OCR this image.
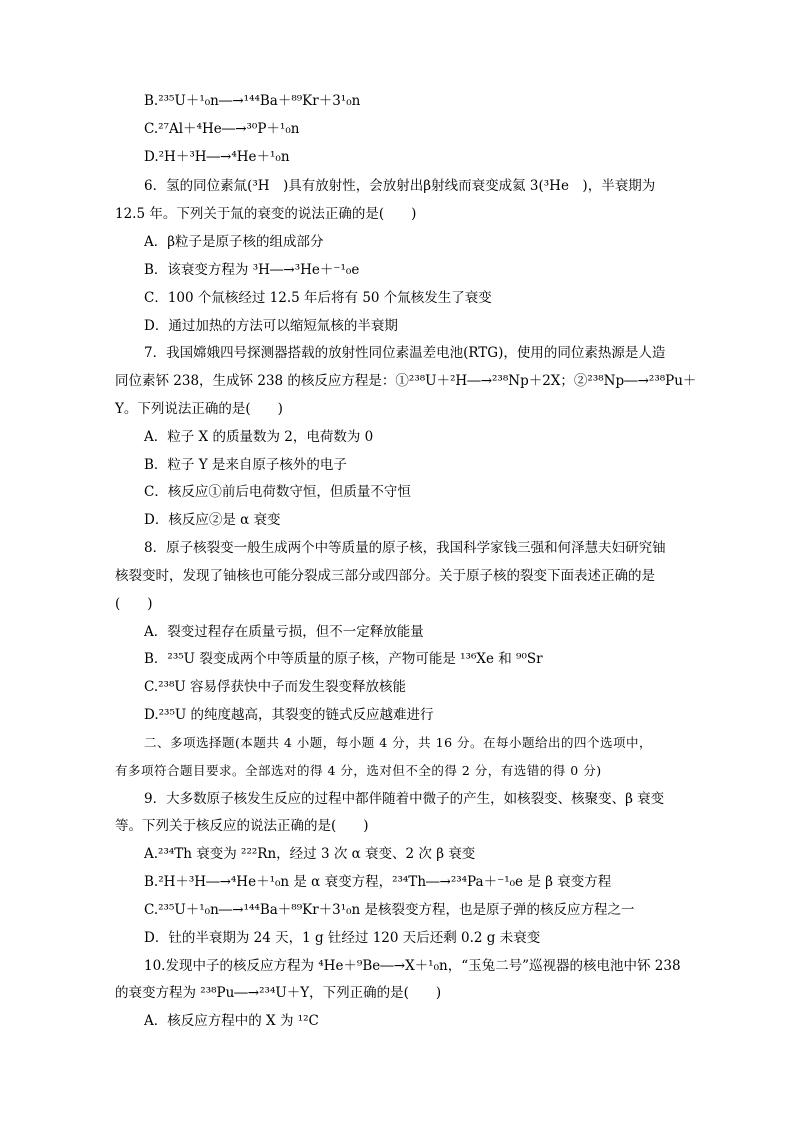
B.²³⁵U＋¹₀n―→¹⁴⁴Ba＋⁸⁹Kr＋3¹₀n
C.²⁷Al＋⁴He―→³⁰P＋¹₀n
D.²H＋³H―→⁴He＋¹₀n
6．氢的同位素氚(³H　)具有放射性，会放射出β射线而衰变成氦 3(³He　)，半衰期为
12.5 年。下列关于氚的衰变的说法正确的是(　　)
A．β粒子是原子核的组成部分
B．该衰变方程为 ³H―→³He＋⁻¹₀e
C．100 个氚核经过 12.5 年后将有 50 个氚核发生了衰变
D．通过加热的方法可以缩短氚核的半衰期
7．我国嫦娥四号探测器搭载的放射性同位素温差电池(RTG)，使用的同位素热源是人造
同位素钚 238，生成钚 238 的核反应方程是：①²³⁸U＋²H―→²³⁸Np＋2X；②²³⁸Np―→²³⁸Pu＋
Y。下列说法正确的是(　　)
A．粒子 X 的质量数为 2，电荷数为 0
B．粒子 Y 是来自原子核外的电子
C．核反应①前后电荷数守恒，但质量不守恒
D．核反应②是 α 衰变
8．原子核裂变一般生成两个中等质量的原子核，我国科学家钱三强和何泽慧夫妇研究铀
核裂变时，发现了铀核也可能分裂成三部分或四部分。关于原子核的裂变下面表述正确的是
(　　)
A．裂变过程存在质量亏损，但不一定释放能量
B．²³⁵U 裂变成两个中等质量的原子核，产物可能是 ¹³⁶Xe 和 ⁹⁰Sr
C.²³⁸U 容易俘获快中子而发生裂变释放核能
D.²³⁵U 的纯度越高，其裂变的链式反应越难进行
二、多项选择题(本题共 4 小题，每小题 4 分，共 16 分。在每小题给出的四个选项中，
有多项符合题目要求。全部选对的得 4 分，选对但不全的得 2 分，有选错的得 0 分)
9．大多数原子核发生反应的过程中都伴随着中微子的产生，如核裂变、核聚变、β 衰变
等。下列关于核反应的说法正确的是(　　)
A.²³⁴Th 衰变为 ²²²Rn，经过 3 次 α 衰变、2 次 β 衰变
B.²H＋³H―→⁴He＋¹₀n 是 α 衰变方程，²³⁴Th―→²³⁴Pa＋⁻¹₀e 是 β 衰变方程
C.²³⁵U＋¹₀n―→¹⁴⁴Ba＋⁸⁹Kr＋3¹₀n 是核裂变方程，也是原子弹的核反应方程之一
D．钍的半衰期为 24 天，1 g 钍经过 120 天后还剩 0.2 g 未衰变
10.发现中子的核反应方程为 ⁴He＋⁹Be―→X＋¹₀n，“玉兔二号”巡视器的核电池中钚 238
的衰变方程为 ²³⁸Pu―→²³⁴U＋Y，下列正确的是(　　)
A．核反应方程中的 X 为 ¹²C
